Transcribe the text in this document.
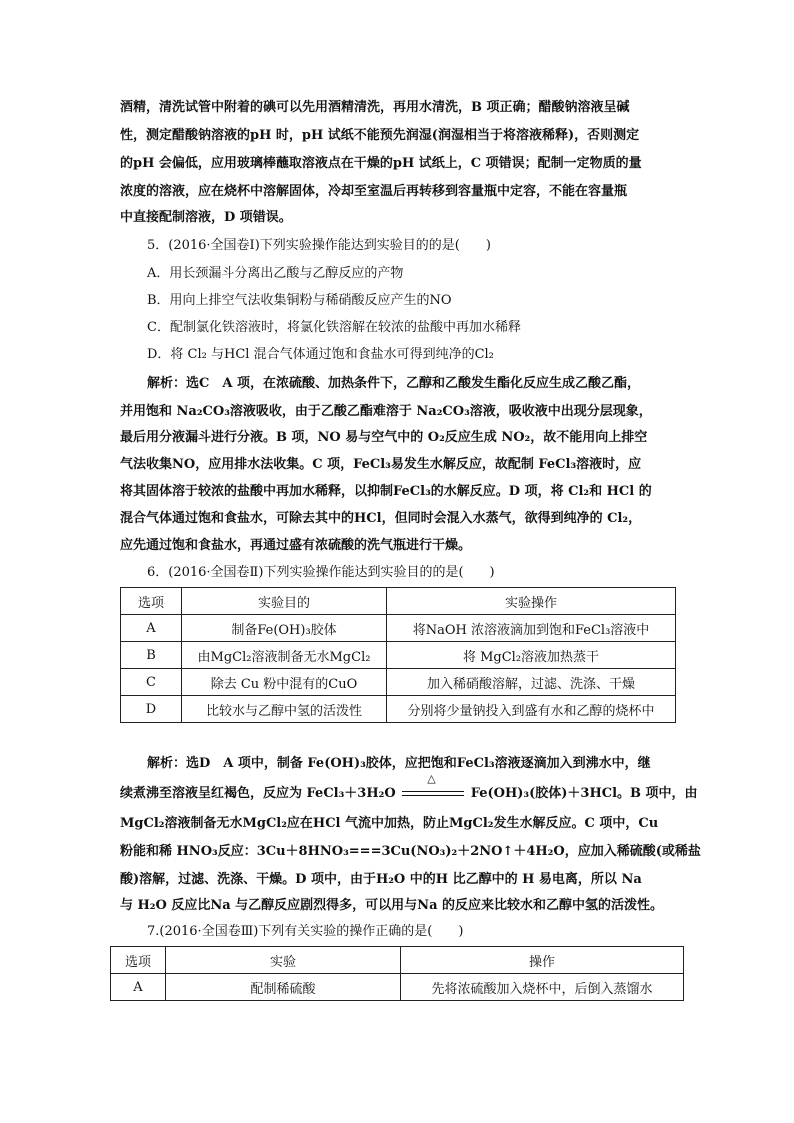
酒精，清洗试管中附着的碘可以先用酒精清洗，再用水清洗，B 项正确；醋酸钠溶液呈碱
性，测定醋酸钠溶液的pH 时，pH 试纸不能预先润湿(润湿相当于将溶液稀释)，否则测定
的pH 会偏低，应用玻璃棒蘸取溶液点在干燥的pH 试纸上，C 项错误；配制一定物质的量
浓度的溶液，应在烧杯中溶解固体，冷却至室温后再转移到容量瓶中定容，不能在容量瓶
中直接配制溶液，D 项错误。
5．(2016·全国卷Ⅰ)下列实验操作能达到实验目的的是(　　)
A．用长颈漏斗分离出乙酸与乙醇反应的产物
B．用向上排空气法收集铜粉与稀硝酸反应产生的NO
C．配制氯化铁溶液时，将氯化铁溶解在较浓的盐酸中再加水稀释
D．将 Cl₂ 与HCl 混合气体通过饱和食盐水可得到纯净的Cl₂
解析：选C　A 项，在浓硫酸、加热条件下，乙醇和乙酸发生酯化反应生成乙酸乙酯，
并用饱和 Na₂CO₃溶液吸收，由于乙酸乙酯难溶于 Na₂CO₃溶液，吸收液中出现分层现象，
最后用分液漏斗进行分液。B 项，NO 易与空气中的 O₂反应生成 NO₂，故不能用向上排空
气法收集NO，应用排水法收集。C 项，FeCl₃易发生水解反应，故配制 FeCl₃溶液时，应
将其固体溶于较浓的盐酸中再加水稀释，以抑制FeCl₃的水解反应。D 项，将 Cl₂和 HCl 的
混合气体通过饱和食盐水，可除去其中的HCl，但同时会混入水蒸气，欲得到纯净的 Cl₂，
应先通过饱和食盐水，再通过盛有浓硫酸的洗气瓶进行干燥。
6．(2016·全国卷Ⅱ)下列实验操作能达到实验目的的是(　　)
选项	实验目的	实验操作
A	制备Fe(OH)₃胶体	将NaOH 浓溶液滴加到饱和FeCl₃溶液中
B	由MgCl₂溶液制备无水MgCl₂	将 MgCl₂溶液加热蒸干
C	除去 Cu 粉中混有的CuO	加入稀硝酸溶解，过滤、洗涤、干燥
D	比较水与乙醇中氢的活泼性	分别将少量钠投入到盛有水和乙醇的烧杯中
解析：选D　A 项中，制备 Fe(OH)₃胶体，应把饱和FeCl₃溶液逐滴加入到沸水中，继
续煮沸至溶液呈红褐色，反应为 FeCl₃＋3H₂O
△
Fe(OH)₃(胶体)＋3HCl。B 项中，由
MgCl₂溶液制备无水MgCl₂应在HCl 气流中加热，防止MgCl₂发生水解反应。C 项中，Cu
粉能和稀 HNO₃反应：3Cu＋8HNO₃===3Cu(NO₃)₂＋2NO↑＋4H₂O，应加入稀硫酸(或稀盐
酸)溶解，过滤、洗涤、干燥。D 项中，由于H₂O 中的H 比乙醇中的 H 易电离，所以 Na
与 H₂O 反应比Na 与乙醇反应剧烈得多，可以用与Na 的反应来比较水和乙醇中氢的活泼性。
7.(2016·全国卷Ⅲ)下列有关实验的操作正确的是(　　)
选项	实验	操作
A	配制稀硫酸	先将浓硫酸加入烧杯中，后倒入蒸馏水
